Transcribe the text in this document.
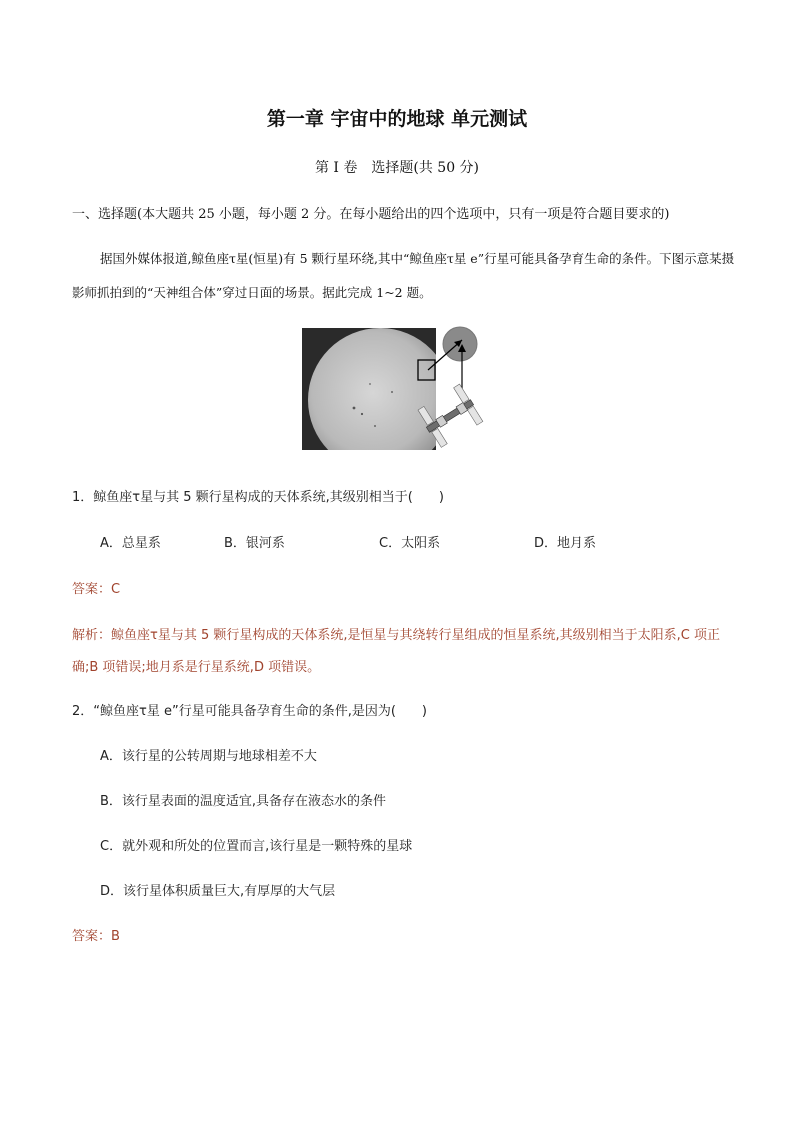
第一章 宇宙中的地球 单元测试
第 I 卷　选择题(共 50 分)
一、选择题(本大题共 25 小题，每小题 2 分。在每小题给出的四个选项中，只有一项是符合题目要求的)
据国外媒体报道,鲸鱼座τ星(恒星)有 5 颗行星环绕,其中“鲸鱼座τ星 e”行星可能具备孕育生命的条件。下图示意某摄影师抓拍到的“天神组合体”穿过日面的场景。据此完成 1~2 题。
1．鲸鱼座τ星与其 5 颗行星构成的天体系统,其级别相当于(　　)
A．总星系	B．银河系	C．太阳系	D．地月系
答案：C
解析：鲸鱼座τ星与其 5 颗行星构成的天体系统,是恒星与其绕转行星组成的恒星系统,其级别相当于太阳系,C 项正确;B 项错误;地月系是行星系统,D 项错误。
2．“鲸鱼座τ星 e”行星可能具备孕育生命的条件,是因为(　　)
A．该行星的公转周期与地球相差不大
B．该行星表面的温度适宜,具备存在液态水的条件
C．就外观和所处的位置而言,该行星是一颗特殊的星球
D．该行星体积质量巨大,有厚厚的大气层
答案：B
